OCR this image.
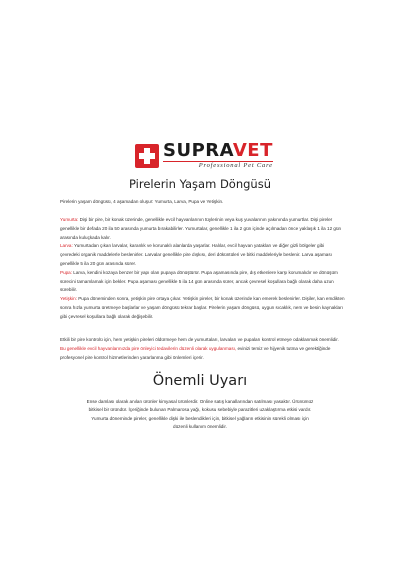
SUPRAVET
Professional Pet Care
Pirelerin Yaşam Döngüsü

Pirelerin yaşam döngüsü, 4 aşamadan oluşur: Yumurta, Larva, Pupa ve Yetişkin.

Yumurta: Dişi bir pire, bir konak üzerinde, genellikle evcil hayvanlarının tüylerinin veya kuş yuvalarının yakınında yumurtlar. Dişi pireler genellikle bir defada 20 ila 50 arasında yumurta bırakabilirler. Yumurtalar, genellikle 1 ila 2 gün içinde açılmadan önce yaklaşık 1 ila 12 gün arasında kuluçkada kalır.

Larva: Yumurtadan çıkan larvalar, karanlık ve korunaklı alanlarda yaşarlar. Halılar, evcil hayvan yatakları ve diğer gizli bölgeler gibi çevredeki organik maddelerle beslenirler. Larvalar genellikle pire dışkısı, deri döküntüleri ve bitki maddeleriyle beslenir. Larva aşaması genellikle 5 ila 20 gün arasında sürer.

Pupa: Larva, kendini kozaya benzer bir yapı olan pupaya dönüştürür. Pupa aşamasında pire, dış etkenlere karşı korumalıdır ve dönüşüm sürecini tamamlamak için bekler. Pupa aşaması genellikle 5 ila 14 gün arasında sürer, ancak çevresel koşullara bağlı olarak daha uzun sürebilir.

Yetişkin: Pupa döneminden sonra, yetişkin pire ortaya çıkar. Yetişkin pireler, bir konak üzerinde kan emerek beslenirler. Dişiler, kan emdikten sonra hızla yumurta üretmeye başlarlar ve yaşam döngüsü tekrar başlar. Pirelerin yaşam döngüsü, uygun sıcaklık, nem ve besin kaynakları gibi çevresel koşullara bağlı olarak değişebilir.

Etkili bir pire kontrolü için, hem yetişkin pireleri öldürmeye hem de yumurtaları, larvaları ve pupaları kontrol etmeye odaklanmak önemlidir. Bu genellikle evcil hayvanlarınızda pire önleyici tedavilerin düzenli olarak uygulanması, evinizi temiz ve hijyenik tutma ve gerektiğinde profesyonel pire kontrol hizmetlerinden yararlanma gibi önlemleri içerir.

Önemli Uyarı

Ense damlası olarak anılan ürünler kimyasal ürünlerdir. Online satış kanallarından satılması yasaktır. Ürünümüz bitkisel bir üründür. İçeriğinde bulunan Palmarosa yağı, kokusu sebebiyle parazitleri uzaklaştırma etkisi vardır. Yumurta döneminde pireler, genellikle dişki ile beslendikleri için, bitkisel yağların etkisinin sürekli olması için düzenli kullanım önemlidir.
